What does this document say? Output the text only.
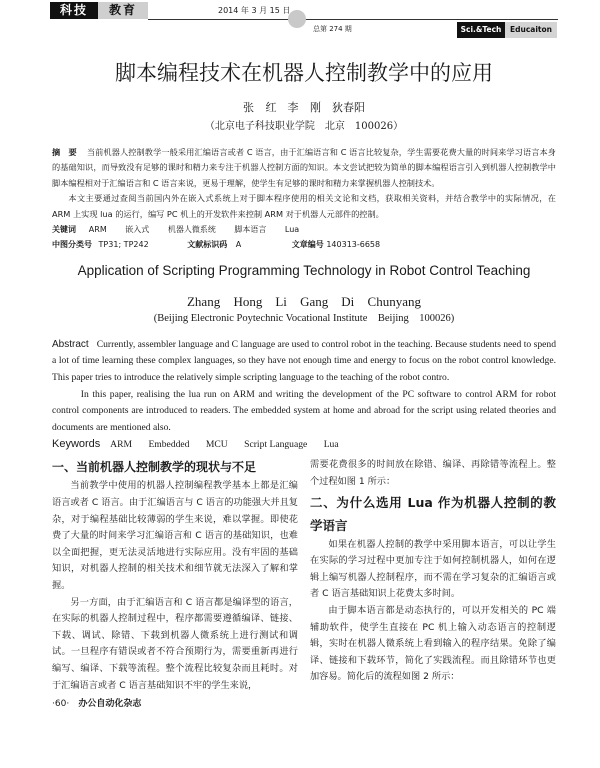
科技	教育	2014 年 3 月 15 日
总第 274 期	Sci.&Tech	Educaiton
脚本编程技术在机器人控制教学中的应用
张 红　李 刚　狄春阳
（北京电子科技职业学院　北京　100026）
摘　要 当前机器人控制教学一般采用汇编语言或者 C 语言，由于汇编语言和 C 语言比较复杂，学生需要花费大量的时间来学习语言本身的基础知识，而导致没有足够的课时和精力来专注于机器人控制方面的知识。本文尝试把较为简单的脚本编程语言引入到机器人控制教学中 脚本编程相对于汇编语言和 C 语言来说，更易于理解，使学生有足够的课时和精力来掌握机器人控制技术。
本文主要通过查阅当前国内外在嵌入式系统上对于脚本程序使用的相关文论和文档，获取相关资料，并结合教学中的实际情况，在 ARM 上实现 lua 的运行，编写 PC 机上的开发软件来控制 ARM 对于机器人元部件的控制。
关键词 ARM 嵌入式 机器人微系统 脚本语言 Lua
中图分类号 TP31; TP242	文献标识码 A	文章编号 140313-6658
Application of Scripting Programming Technology in Robot Control Teaching
Zhang Hong　Li Gang　Di Chunyang
(Beijing Electronic Poytechnic Vocational Institute　Beijing　100026)
Abstract Currently, assembler language and C language are used to control robot in the teaching. Because students need to spend a lot of time learning these complex languages, so they have not enough time and energy to focus on the robot control knowledge. This paper tries to introduce the relatively simple scripting language to the teaching of the robot contro.
In this paper, realising the lua run on ARM and writing the development of the PC software to control ARM for robot control components are introduced to readers. The embedded system at home and abroad for the script using related theories and documents are mentioned also.
Keywords ARM Embedded MCU Script Language Lua
一、当前机器人控制教学的现状与不足

当前教学中使用的机器人控制编程教学基本上都是汇编语言或者 C 语言。由于汇编语言与 C 语言的功能强大并且复杂，对于编程基础比较薄弱的学生来说，难以掌握。即使花费了大量的时间来学习汇编语言和 C 语言的基础知识，也难以全面把握，更无法灵活地进行实际应用。没有牢固的基础知识，对机器人控制的相关技术和细节就无法深入了解和掌握。

另一方面，由于汇编语言和 C 语言都是编译型的语言，在实际的机器人控制过程中，程序都需要遵循编译、链接、下载、调试、除错、下载到机器人微系统上进行测试和调试。一旦程序有错误或者不符合预期行为，需要重新再进行编写、编译、下载等流程。整个流程比较复杂而且耗时。对于汇编语言或者 C 语言基础知识不牢的学生来说，

·60· 办公自动化杂志

需要花费很多的时间放在除错、编译、再除错等流程上。整个过程如图 1 所示：

二、为什么选用 Lua 作为机器人控制的教学语言

如果在机器人控制的教学中采用脚本语言，可以让学生在实际的学习过程中更加专注于如何控制机器人，如何在逻辑上编写机器人控制程序，而不需在学习复杂的汇编语言或者 C 语言基础知识上花费太多时间。

由于脚本语言都是动态执行的，可以开发相关的 PC 端辅助软件，使学生直接在 PC 机上输入动态语言的控制逻辑，实时在机器人微系统上看到输入的程序结果。免除了编译、链接和下载环节，简化了实践流程。而且除错环节也更加容易。简化后的流程如图 2 所示：
